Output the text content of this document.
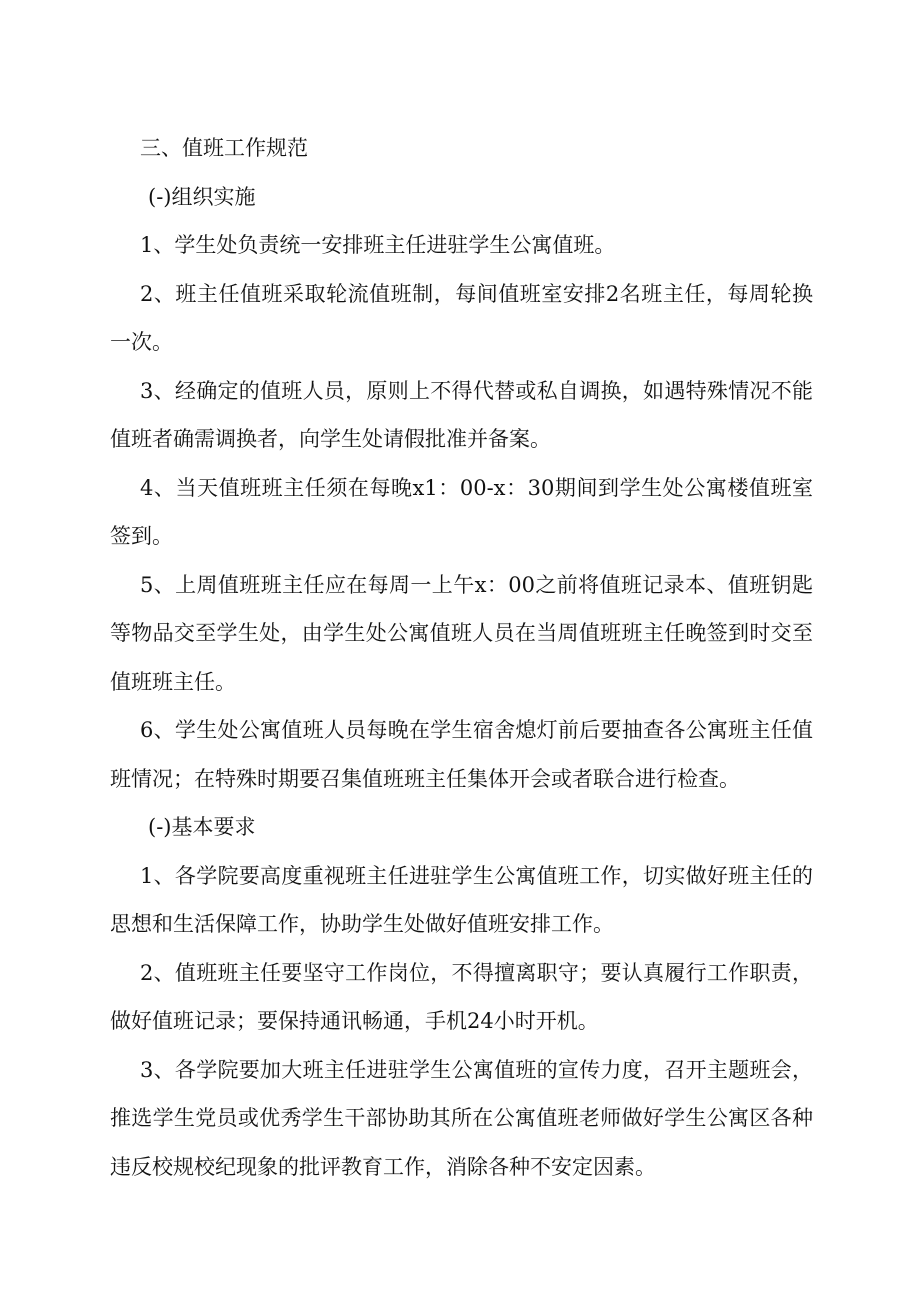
三、值班工作规范

(-)组织实施

1、学生处负责统一安排班主任进驻学生公寓值班。

2、班主任值班采取轮流值班制，每间值班室安排2名班主任，每周轮换一次。

3、经确定的值班人员，原则上不得代替或私自调换，如遇特殊情况不能值班者确需调换者，向学生处请假批准并备案。

4、当天值班班主任须在每晚x1：00-x：30期间到学生处公寓楼值班室签到。

5、上周值班班主任应在每周一上午x：00之前将值班记录本、值班钥匙等物品交至学生处，由学生处公寓值班人员在当周值班班主任晚签到时交至值班班主任。

6、学生处公寓值班人员每晚在学生宿舍熄灯前后要抽查各公寓班主任值班情况；在特殊时期要召集值班班主任集体开会或者联合进行检查。

(-)基本要求

1、各学院要高度重视班主任进驻学生公寓值班工作，切实做好班主任的思想和生活保障工作，协助学生处做好值班安排工作。

2、值班班主任要坚守工作岗位，不得擅离职守；要认真履行工作职责，做好值班记录；要保持通讯畅通，手机24小时开机。

3、各学院要加大班主任进驻学生公寓值班的宣传力度，召开主题班会，推选学生党员或优秀学生干部协助其所在公寓值班老师做好学生公寓区各种违反校规校纪现象的批评教育工作，消除各种不安定因素。
